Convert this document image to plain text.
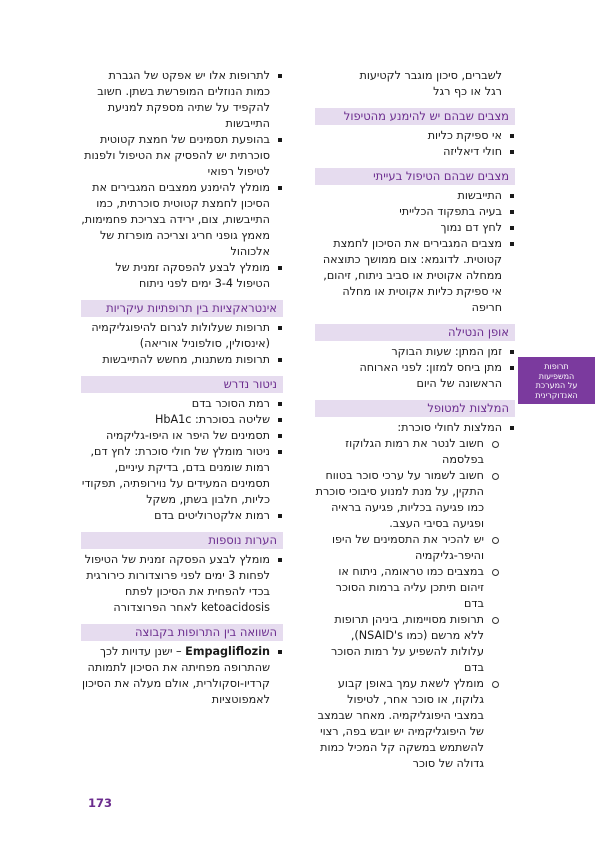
לשברים, סיכון מוגבר לקטיעות
רגל או כף רגל
מצבים שבהם יש להימנע מהטיפול
אי ספיקת כליות
חולי דיאליזה
מצבים שבהם הטיפול בעייתי
התייבשות
בעיה בתפקוד הכלייתי
לחץ דם נמוך
מצבים המגבירים את הסיכון לחמצת קטוטית. לדוגמא: צום ממושך כתוצאה ממחלה אקוטית או סביב ניתוח, זיהום, אי ספיקת כליות אקוטית או מחלה חריפה
אופן הנטילה
זמן המתן: שעות הבוקר
מתן ביחס למזון: לפני הארוחה הראשונה של היום
המלצות למטופל
המלצות לחולי סוכרת:
חשוב לנטר את רמות הגלוקוז בפלסמה
חשוב לשמור על ערכי סוכר בטווח התקין, על מנת למנוע סיבוכי סוכרת כמו פגיעה בכליות, פגיעה בראיה ופגיעה בסיבי העצב.
יש להכיר את התסמינים של היפו והיפר-גליקמיה
במצבים כמו טראומה, ניתוח או זיהום תיתכן עליה ברמות הסוכר בדם
תרופות מסויימות, ביניהן תרופות ללא מרשם (כמו NSAID's), עלולות להשפיע על רמות הסוכר בדם
מומלץ לשאת עמך באופן קבוע גלוקוז, או סוכר אחר, לטיפול במצבי היפוגליקמיה. מאחר שבמצב של היפוגליקמיה יש יובש בפה, רצוי להשתמש במשקה קל המכיל כמות גדולה של סוכר
לתרופות אלו יש אפקט של הגברת כמות הנוזלים המופרשת בשתן. חשוב להקפיד על שתיה מספקת למניעת התייבשות
בהופעת תסמינים של חמצת קטוטית סוכרתית יש להפסיק את הטיפול ולפנות לטיפול רפואי
מומלץ להימנע ממצבים המגבירים את הסיכון לחמצת קטוטית סוכרתית, כמו התייבשות, צום, ירידה בצריכת פחמימות, מאמץ גופני חריג וצריכה מופרזת של אלכוהול
מומלץ לבצע להפסקה זמנית של הטיפול 3-4 ימים לפני ניתוח
אינטראקציות בין תרופתיות עיקריות
תרופות שעלולות לגרום להיפוגליקמיה (אינסולין, סולפוניל אוריאה)
תרופות משתנות, מחשש להתייבשות
ניטור נדרש
רמת הסוכר בדם
שליטה בסוכרת: HbA1c
תסמינים של היפר או היפו-גליקמיה
ניטור מומלץ של חולי סוכרת: לחץ דם, רמות שומנים בדם, בדיקת עיניים, תסמינים המעידים על נוירופתיה, תפקודי כליות, חלבון בשתן, משקל
רמות אלקטרוליטים בדם
הערות נוספות
מומלץ לבצע הפסקה זמנית של הטיפול לפחות 3 ימים לפני פרוצדורות כירורגית בכדי להפחית את הסיכון לפתח ketoacidosis לאחר הפרוצדורה
השוואה בין התרופות בקבוצה
Empagliflozin – ישנן עדויות לכך שהתרופה מפחיתה את הסיכון לתמותה קרדיו-וסקולרית, אולם מעלה את הסיכון לאמפוטציות
תרופות
המשפיעות
על המערכת
האנדוקרינית
173
